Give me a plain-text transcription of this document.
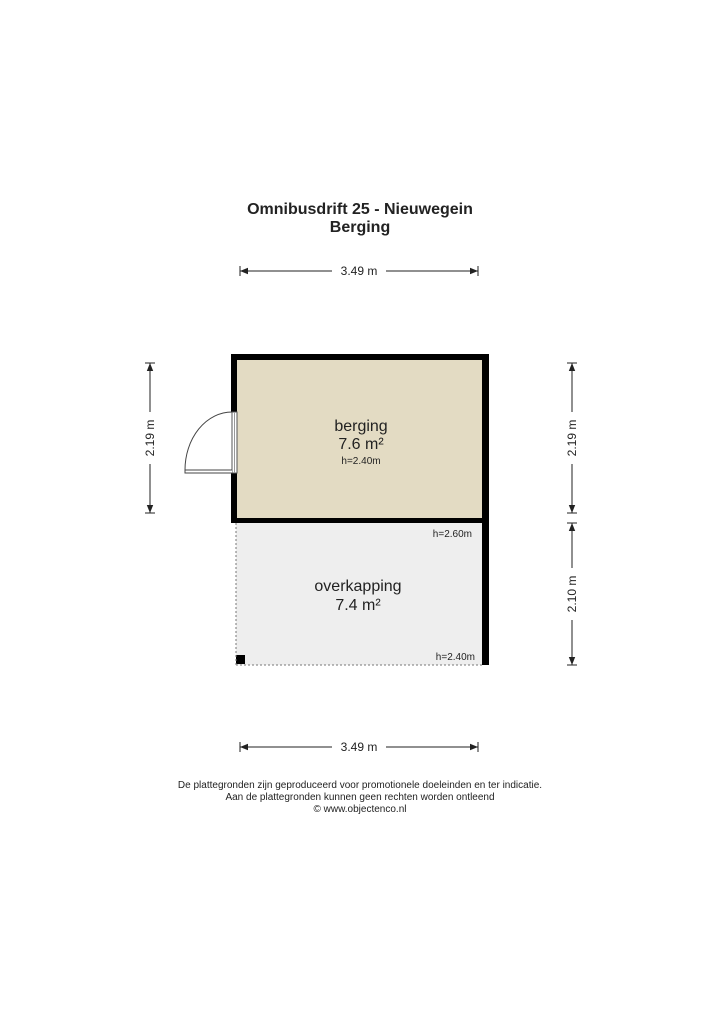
Omnibusdrift 25 - Nieuwegein
Berging
3.49 m
3.49 m
2.19 m	2.19 m
2.10 m
berging
7.6 m²
h=2.40m
h=2.60m
overkapping
7.4 m²
h=2.40m
De plattegronden zijn geproduceerd voor promotionele doeleinden en ter indicatie.
Aan de plattegronden kunnen geen rechten worden ontleend
© www.objectenco.nl
